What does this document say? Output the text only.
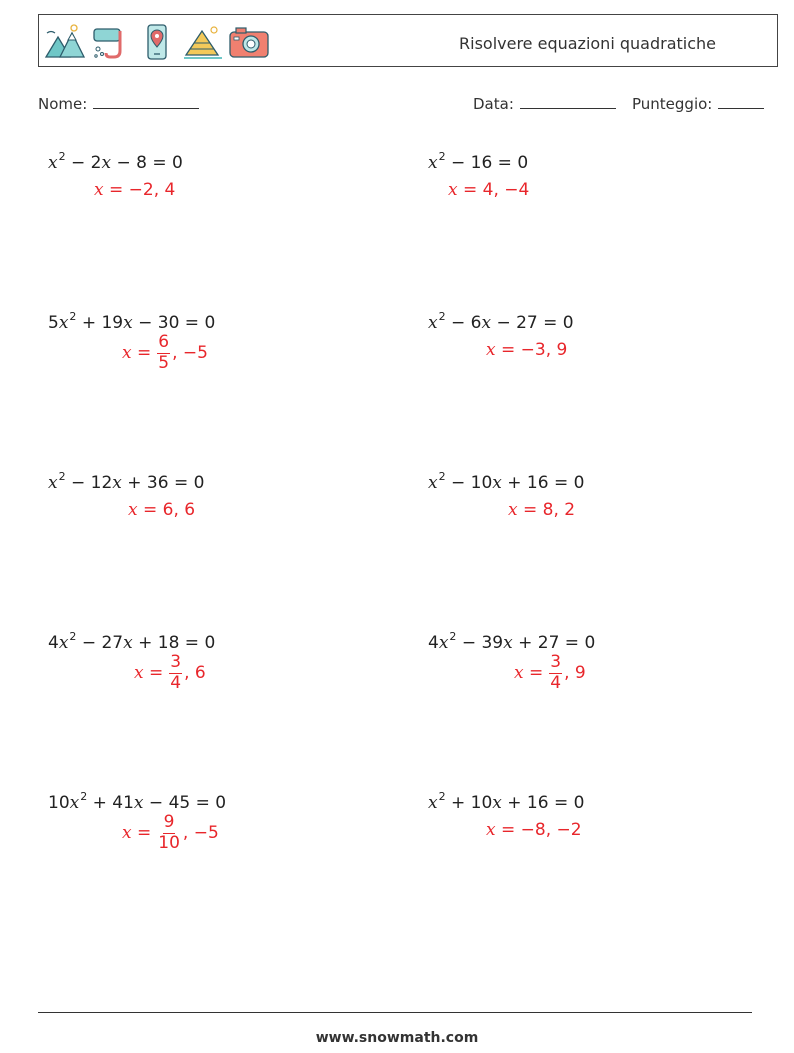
Risolvere equazioni quadratiche
Nome:	Data:	Punteggio:
$x^2 - 2x - 8 = 0$
x = −2, 4
$x^2 - 16 = 0$
x = 4, −4
$5x^2 + 19x - 30 = 0$
$x = \frac{6}{5}$ , −5
$x^2 - 6x - 27 = 0$
x = −3, 9
$x^2 - 12x + 36 = 0$
x = 6, 6
$x^2 - 10x + 16 = 0$
x = 8, 2
$4x^2 - 27x + 18 = 0$
$x = \frac{3}{4}$ , 6
$4x^2 - 39x + 27 = 0$
$x = \frac{3}{4}$ , 9
$10x^2 + 41x - 45 = 0$
$x = \frac{9}{10}$ , −5
$x^2 + 10x + 16 = 0$
x = −8, −2
www.snowmath.com
